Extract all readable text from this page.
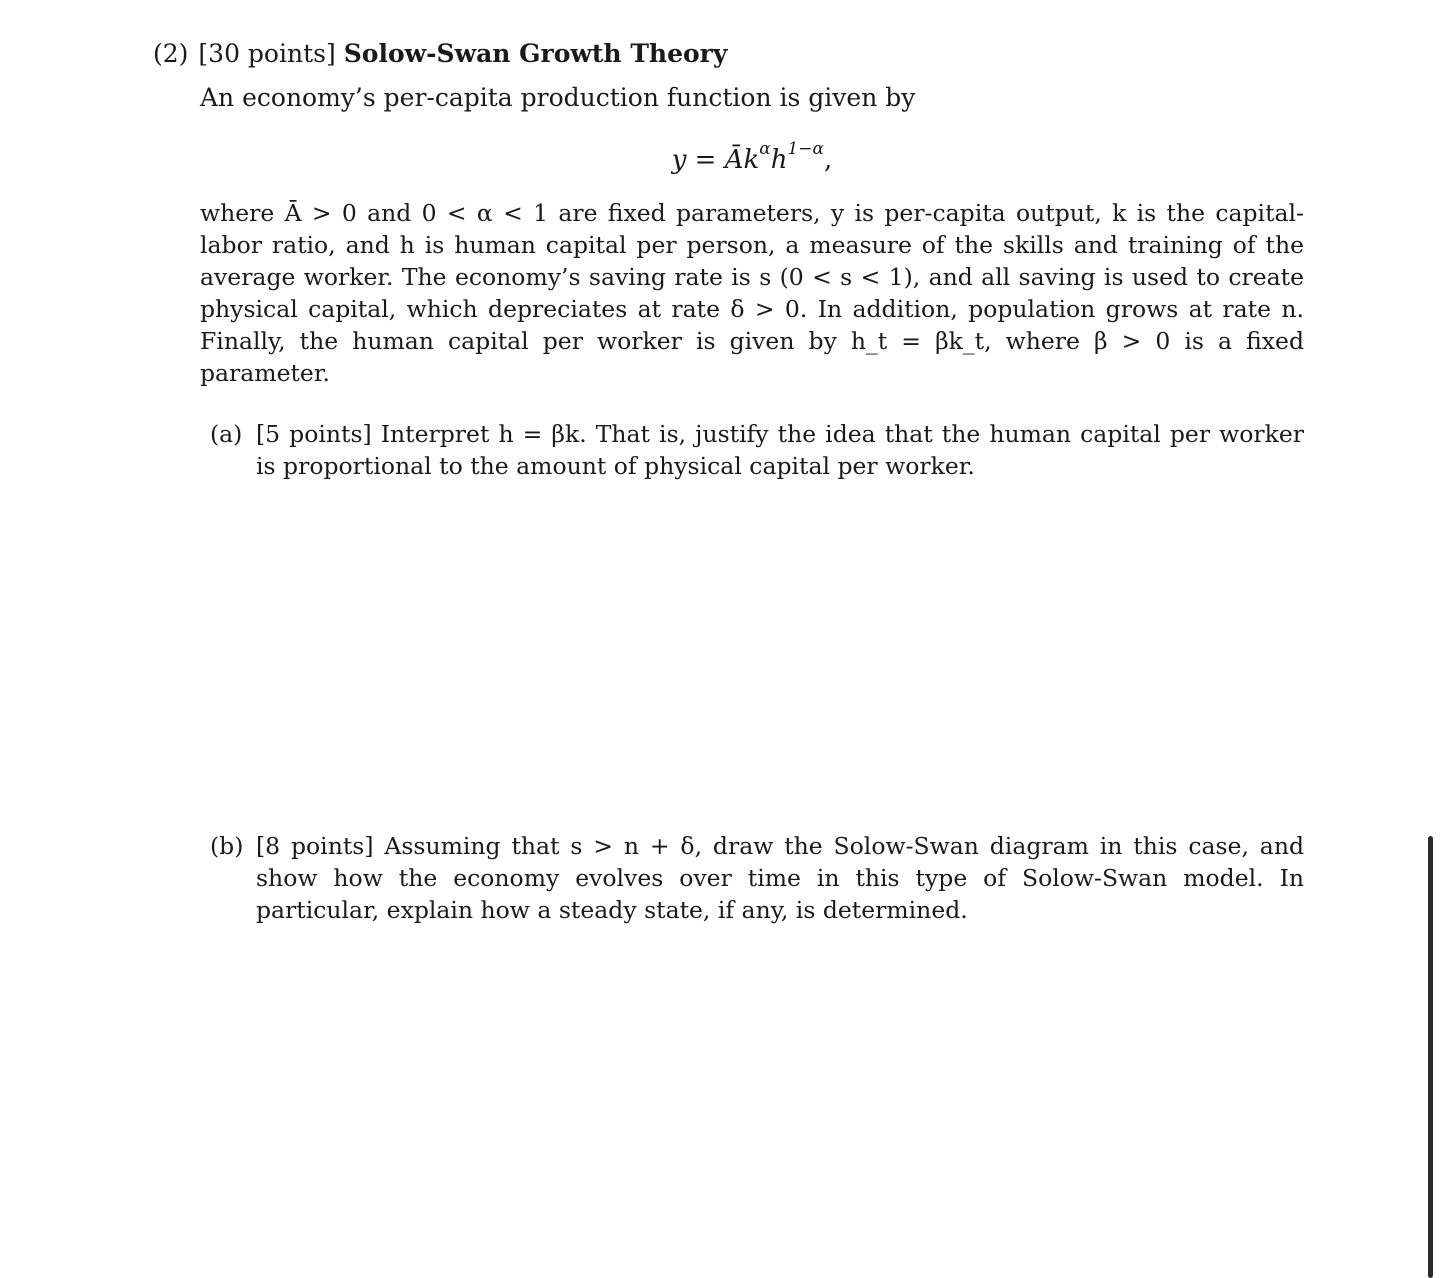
(2) [30 points] Solow-Swan Growth Theory
An economy’s per-capita production function is given by
$y = Āk^\alpha h^{1-\alpha}$,

where Ā > 0 and 0 < α < 1 are fixed parameters, y is per-capita output, k is the capital-labor ratio, and h is human capital per person, a measure of the skills and training of the average worker. The economy’s saving rate is s (0 < s < 1), and all saving is used to create physical capital, which depreciates at rate δ > 0. In addition, population grows at rate n. Finally, the human capital per worker is given by h_t = βk_t, where β > 0 is a fixed parameter.

(a) [5 points] Interpret h = βk. That is, justify the idea that the human capital per worker is proportional to the amount of physical capital per worker.
(b) [8 points] Assuming that s > n + δ, draw the Solow-Swan diagram in this case, and show how the economy evolves over time in this type of Solow-Swan model. In particular, explain how a steady state, if any, is determined.
